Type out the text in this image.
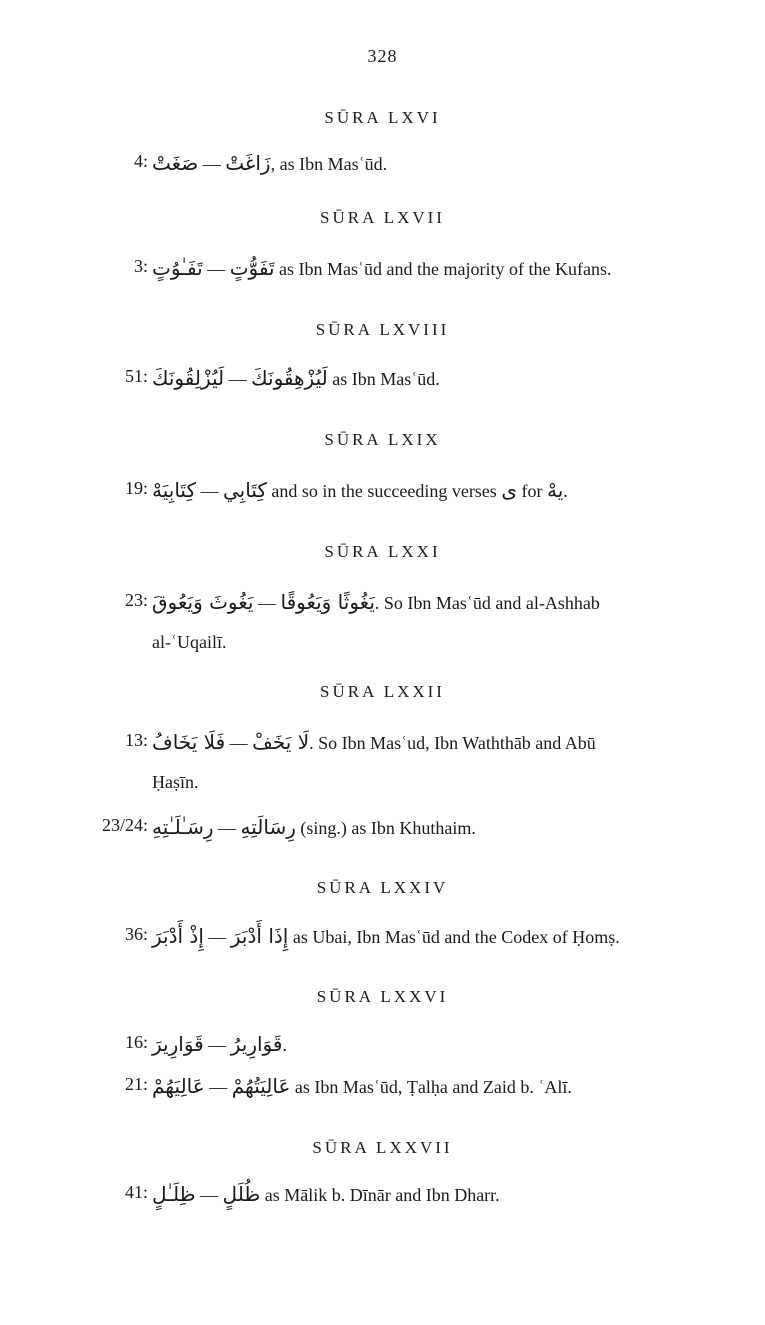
328
SŪRA LXVI
4: صَغَتْ — زَاغَتْ, as Ibn Masʿūd.
SŪRA LXVII
3: تَفَـٰوُتٍ — تَفَوُّتٍ as Ibn Masʿūd and the majority of the Kufans.
SŪRA LXVIII
51: لَيُزْلِقُونَكَ — لَيُزْهِقُونَكَ as Ibn Masʿūd.
SŪRA LXIX
19: كِتَابِيَهْ — كِتَابِي and so in the succeeding verses ى for يهْ.
SŪRA LXXI
23: يَغُوثَ وَيَعُوقَ — يَغُوثًا وَيَعُوقًا. So Ibn Masʿūd and al-Ashhab
al-ʿUqailī.
SŪRA LXXII
13: فَلَا يَخَافُ — لَا يَخَفْ. So Ibn Masʿud, Ibn Waththāb and Abū
Ḥaṣīn.
23/24: رِسَـٰلَـٰتِهِ — رِسَالَتِهِ (sing.) as Ibn Khuthaim.
SŪRA LXXIV
36: إِذْ أَدْبَرَ — إِذَا أَدْبَرَ as Ubai, Ibn Masʿūd and the Codex of Ḥomṣ.
SŪRA LXXVI
16: قَوَارِيرَ — قَوَارِيرُ.
21: عَالِيَهُمْ — عَالِيَتُهُمْ as Ibn Masʿūd, Ṭalḥa and Zaid b. ʿAlī.
SŪRA LXXVII
41: ظِلَـٰلٍ — ظُلَلٍ as Mālik b. Dīnār and Ibn Dharr.
